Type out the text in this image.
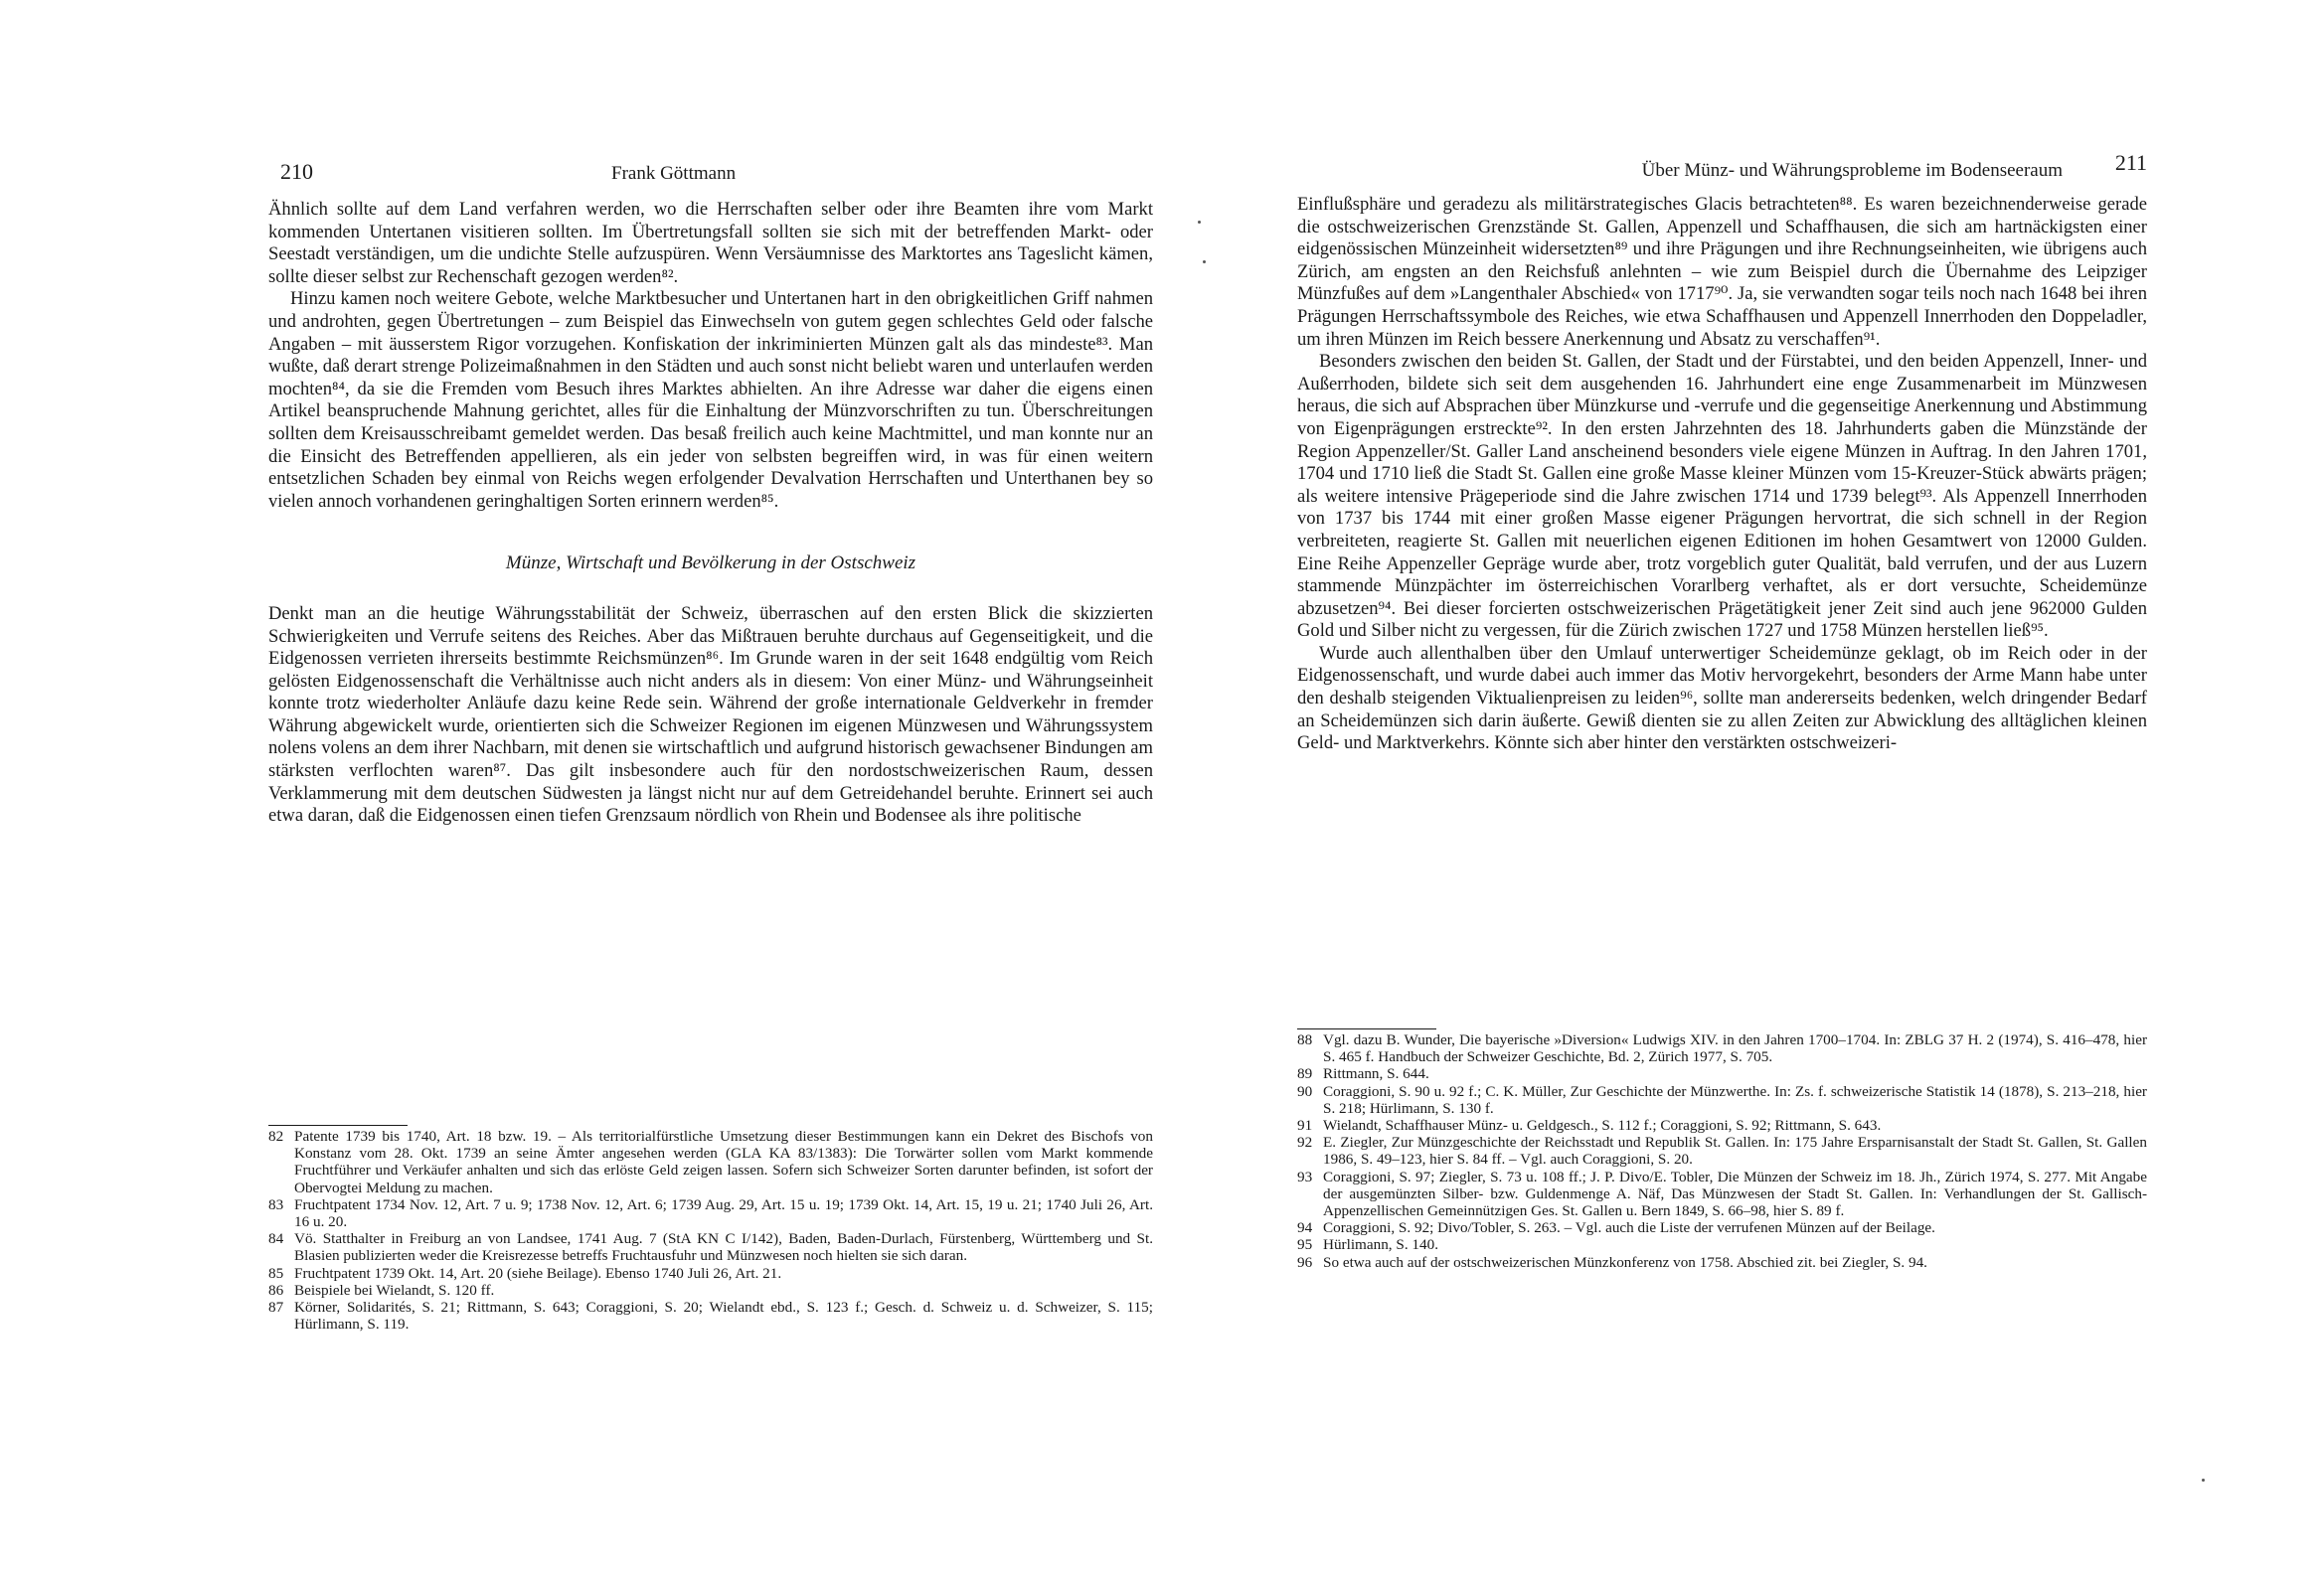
210	Frank Göttmann

Ähnlich sollte auf dem Land verfahren werden, wo die Herrschaften selber oder ihre Beamten ihre vom Markt kommenden Untertanen visitieren sollten. Im Übertretungsfall sollten sie sich mit der betreffenden Markt- oder Seestadt verständigen, um die undichte Stelle aufzuspüren. Wenn Versäumnisse des Marktortes ans Tageslicht kämen, sollte dieser selbst zur Rechenschaft gezogen werden⁸².

Hinzu kamen noch weitere Gebote, welche Marktbesucher und Untertanen hart in den obrigkeitlichen Griff nahmen und androhten, gegen Übertretungen – zum Beispiel das Einwechseln von gutem gegen schlechtes Geld oder falsche Angaben – mit äusserstem Rigor vorzugehen. Konfiskation der inkriminierten Münzen galt als das mindeste⁸³. Man wußte, daß derart strenge Polizeimaßnahmen in den Städten und auch sonst nicht beliebt waren und unterlaufen werden mochten⁸⁴, da sie die Fremden vom Besuch ihres Marktes abhielten. An ihre Adresse war daher die eigens einen Artikel beanspruchende Mahnung gerichtet, alles für die Einhaltung der Münzvorschriften zu tun. Überschreitungen sollten dem Kreisausschreibamt gemeldet werden. Das besaß freilich auch keine Machtmittel, und man konnte nur an die Einsicht des Betreffenden appellieren, als ein jeder von selbsten begreiffen wird, in was für einen weitern entsetzlichen Schaden bey einmal von Reichs wegen erfolgender Devalvation Herrschaften und Unterthanen bey so vielen annoch vorhandenen geringhaltigen Sorten erinnern werden⁸⁵.

Münze, Wirtschaft und Bevölkerung in der Ostschweiz

Denkt man an die heutige Währungsstabilität der Schweiz, überraschen auf den ersten Blick die skizzierten Schwierigkeiten und Verrufe seitens des Reiches. Aber das Mißtrauen beruhte durchaus auf Gegenseitigkeit, und die Eidgenossen verrieten ihrerseits bestimmte Reichsmünzen⁸⁶. Im Grunde waren in der seit 1648 endgültig vom Reich gelösten Eidgenossenschaft die Verhältnisse auch nicht anders als in diesem: Von einer Münz- und Währungseinheit konnte trotz wiederholter Anläufe dazu keine Rede sein. Während der große internationale Geldverkehr in fremder Währung abgewickelt wurde, orientierten sich die Schweizer Regionen im eigenen Münzwesen und Währungssystem nolens volens an dem ihrer Nachbarn, mit denen sie wirtschaftlich und aufgrund historisch gewachsener Bindungen am stärksten verflochten waren⁸⁷. Das gilt insbesondere auch für den nordostschweizerischen Raum, dessen Verklammerung mit dem deutschen Südwesten ja längst nicht nur auf dem Getreidehandel beruhte. Erinnert sei auch etwa daran, daß die Eidgenossen einen tiefen Grenzsaum nördlich von Rhein und Bodensee als ihre politische

82 Patente 1739 bis 1740, Art. 18 bzw. 19. – Als territorialfürstliche Umsetzung dieser Bestimmungen kann ein Dekret des Bischofs von Konstanz vom 28. Okt. 1739 an seine Ämter angesehen werden (GLA KA 83/1383): Die Torwärter sollen vom Markt kommende Fruchtführer und Verkäufer anhalten und sich das erlöste Geld zeigen lassen. Sofern sich Schweizer Sorten darunter befinden, ist sofort der Obervogtei Meldung zu machen.
83 Fruchtpatent 1734 Nov. 12, Art. 7 u. 9; 1738 Nov. 12, Art. 6; 1739 Aug. 29, Art. 15 u. 19; 1739 Okt. 14, Art. 15, 19 u. 21; 1740 Juli 26, Art. 16 u. 20.
84 Vö. Statthalter in Freiburg an von Landsee, 1741 Aug. 7 (StA KN C I/142), Baden, Baden-Durlach, Fürstenberg, Württemberg und St. Blasien publizierten weder die Kreisrezesse betreffs Fruchtausfuhr und Münzwesen noch hielten sie sich daran.
85 Fruchtpatent 1739 Okt. 14, Art. 20 (siehe Beilage). Ebenso 1740 Juli 26, Art. 21.
86 Beispiele bei Wielandt, S. 120 ff.
87 Körner, Solidarités, S. 21; Rittmann, S. 643; Coraggioni, S. 20; Wielandt ebd., S. 123 f.; Gesch. d. Schweiz u. d. Schweizer, S. 115; Hürlimann, S. 119.
Über Münz- und Währungsprobleme im Bodenseeraum 211

Einflußsphäre und geradezu als militärstrategisches Glacis betrachteten⁸⁸. Es waren bezeichnenderweise gerade die ostschweizerischen Grenzstände St. Gallen, Appenzell und Schaffhausen, die sich am hartnäckigsten einer eidgenössischen Münzeinheit widersetzten⁸⁹ und ihre Prägungen und ihre Rechnungseinheiten, wie übrigens auch Zürich, am engsten an den Reichsfuß anlehnten – wie zum Beispiel durch die Übernahme des Leipziger Münzfußes auf dem »Langenthaler Abschied« von 1717⁹⁰. Ja, sie verwandten sogar teils noch nach 1648 bei ihren Prägungen Herrschaftssymbole des Reiches, wie etwa Schaffhausen und Appenzell Innerrhoden den Doppeladler, um ihren Münzen im Reich bessere Anerkennung und Absatz zu verschaffen⁹¹.

Besonders zwischen den beiden St. Gallen, der Stadt und der Fürstabtei, und den beiden Appenzell, Inner- und Außerrhoden, bildete sich seit dem ausgehenden 16. Jahrhundert eine enge Zusammenarbeit im Münzwesen heraus, die sich auf Absprachen über Münzkurse und -verrufe und die gegenseitige Anerkennung und Abstimmung von Eigenprägungen erstreckte⁹². In den ersten Jahrzehnten des 18. Jahrhunderts gaben die Münzstände der Region Appenzeller/St. Galler Land anscheinend besonders viele eigene Münzen in Auftrag. In den Jahren 1701, 1704 und 1710 ließ die Stadt St. Gallen eine große Masse kleiner Münzen vom 15-Kreuzer-Stück abwärts prägen; als weitere intensive Prägeperiode sind die Jahre zwischen 1714 und 1739 belegt⁹³. Als Appenzell Innerrhoden von 1737 bis 1744 mit einer großen Masse eigener Prägungen hervortrat, die sich schnell in der Region verbreiteten, reagierte St. Gallen mit neuerlichen eigenen Editionen im hohen Gesamtwert von 12000 Gulden. Eine Reihe Appenzeller Gepräge wurde aber, trotz vorgeblich guter Qualität, bald verrufen, und der aus Luzern stammende Münzpächter im österreichischen Vorarlberg verhaftet, als er dort versuchte, Scheidemünze abzusetzen⁹⁴. Bei dieser forcierten ostschweizerischen Prägetätigkeit jener Zeit sind auch jene 962000 Gulden Gold und Silber nicht zu vergessen, für die Zürich zwischen 1727 und 1758 Münzen herstellen ließ⁹⁵.

Wurde auch allenthalben über den Umlauf unterwertiger Scheidemünze geklagt, ob im Reich oder in der Eidgenossenschaft, und wurde dabei auch immer das Motiv hervorgekehrt, besonders der Arme Mann habe unter den deshalb steigenden Viktualienpreisen zu leiden⁹⁶, sollte man andererseits bedenken, welch dringender Bedarf an Scheidemünzen sich darin äußerte. Gewiß dienten sie zu allen Zeiten zur Abwicklung des alltäglichen kleinen Geld- und Marktverkehrs. Könnte sich aber hinter den verstärkten ostschweizeri-

88 Vgl. dazu B. Wunder, Die bayerische »Diversion« Ludwigs XIV. in den Jahren 1700–1704. In: ZBLG 37 H. 2 (1974), S. 416–478, hier S. 465 f. Handbuch der Schweizer Geschichte, Bd. 2, Zürich 1977, S. 705.
89 Rittmann, S. 644.
90 Coraggioni, S. 90 u. 92 f.; C. K. Müller, Zur Geschichte der Münzwerthe. In: Zs. f. schweizerische Statistik 14 (1878), S. 213–218, hier S. 218; Hürlimann, S. 130 f.
91 Wielandt, Schaffhauser Münz- u. Geldgesch., S. 112 f.; Coraggioni, S. 92; Rittmann, S. 643.
92 E. Ziegler, Zur Münzgeschichte der Reichsstadt und Republik St. Gallen. In: 175 Jahre Ersparnisanstalt der Stadt St. Gallen, St. Gallen 1986, S. 49–123, hier S. 84 ff. – Vgl. auch Coraggioni, S. 20.
93 Coraggioni, S. 97; Ziegler, S. 73 u. 108 ff.; J. P. Divo/E. Tobler, Die Münzen der Schweiz im 18. Jh., Zürich 1974, S. 277. Mit Angabe der ausgemünzten Silber- bzw. Guldenmenge A. Näf, Das Münzwesen der Stadt St. Gallen. In: Verhandlungen der St. Gallisch-Appenzellischen Gemeinnützigen Ges. St. Gallen u. Bern 1849, S. 66–98, hier S. 89 f.
94 Coraggioni, S. 92; Divo/Tobler, S. 263. – Vgl. auch die Liste der verrufenen Münzen auf der Beilage.
95 Hürlimann, S. 140.
96 So etwa auch auf der ostschweizerischen Münzkonferenz von 1758. Abschied zit. bei Ziegler, S. 94.
